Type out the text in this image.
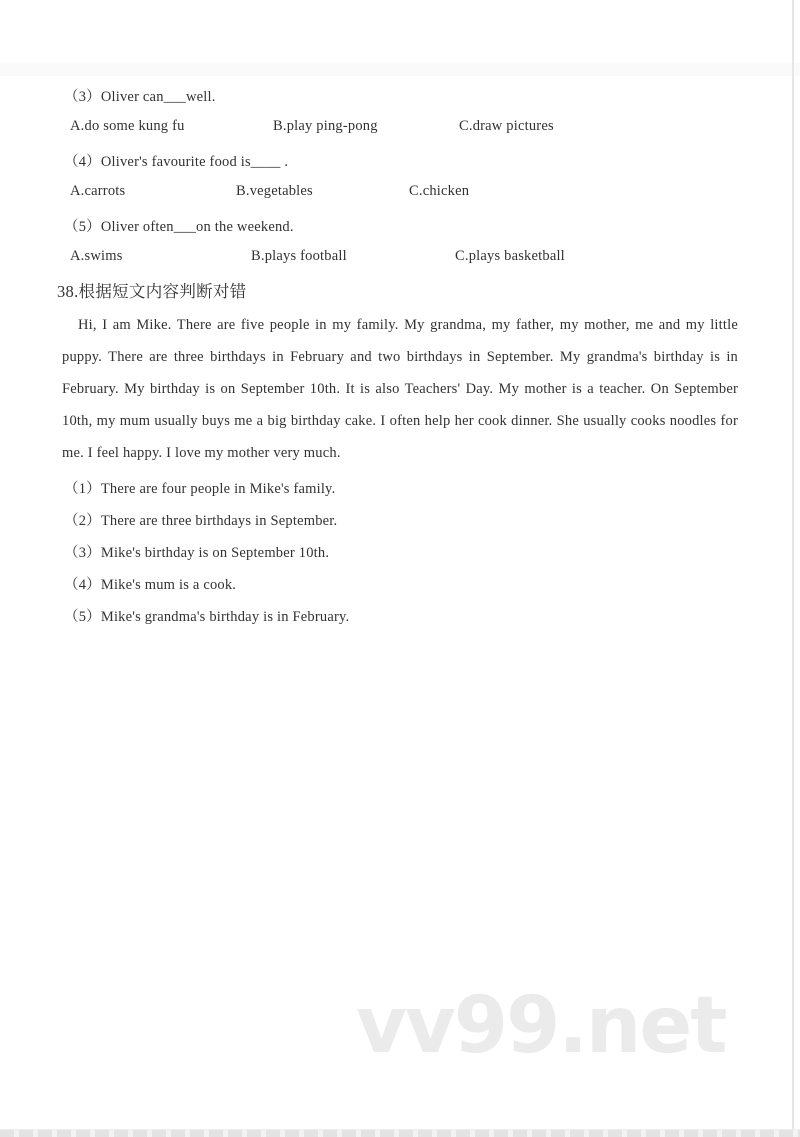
（3）Oliver can___well.
A.do some kung fu	B.play ping-pong	C.draw pictures
（4）Oliver's favourite food is____ .
A.carrots	B.vegetables	C.chicken
（5）Oliver often___on the weekend.
A.swims	B.plays football	C.plays basketball
38.根据短文内容判断对错
Hi, I am Mike. There are five people in my family. My grandma, my father, my mother, me and my little puppy. There are three birthdays in February and two birthdays in September. My grandma's birthday is in February. My birthday is on September 10th. It is also Teachers' Day. My mother is a teacher. On September 10th, my mum usually buys me a big birthday cake. I often help her cook dinner. She usually cooks noodles for me. I feel happy. I love my mother very much.
（1）There are four people in Mike's family.
（2）There are three birthdays in September.
（3）Mike's birthday is on September 10th.
（4）Mike's mum is a cook.
（5）Mike's grandma's birthday is in February.
vv99.net
